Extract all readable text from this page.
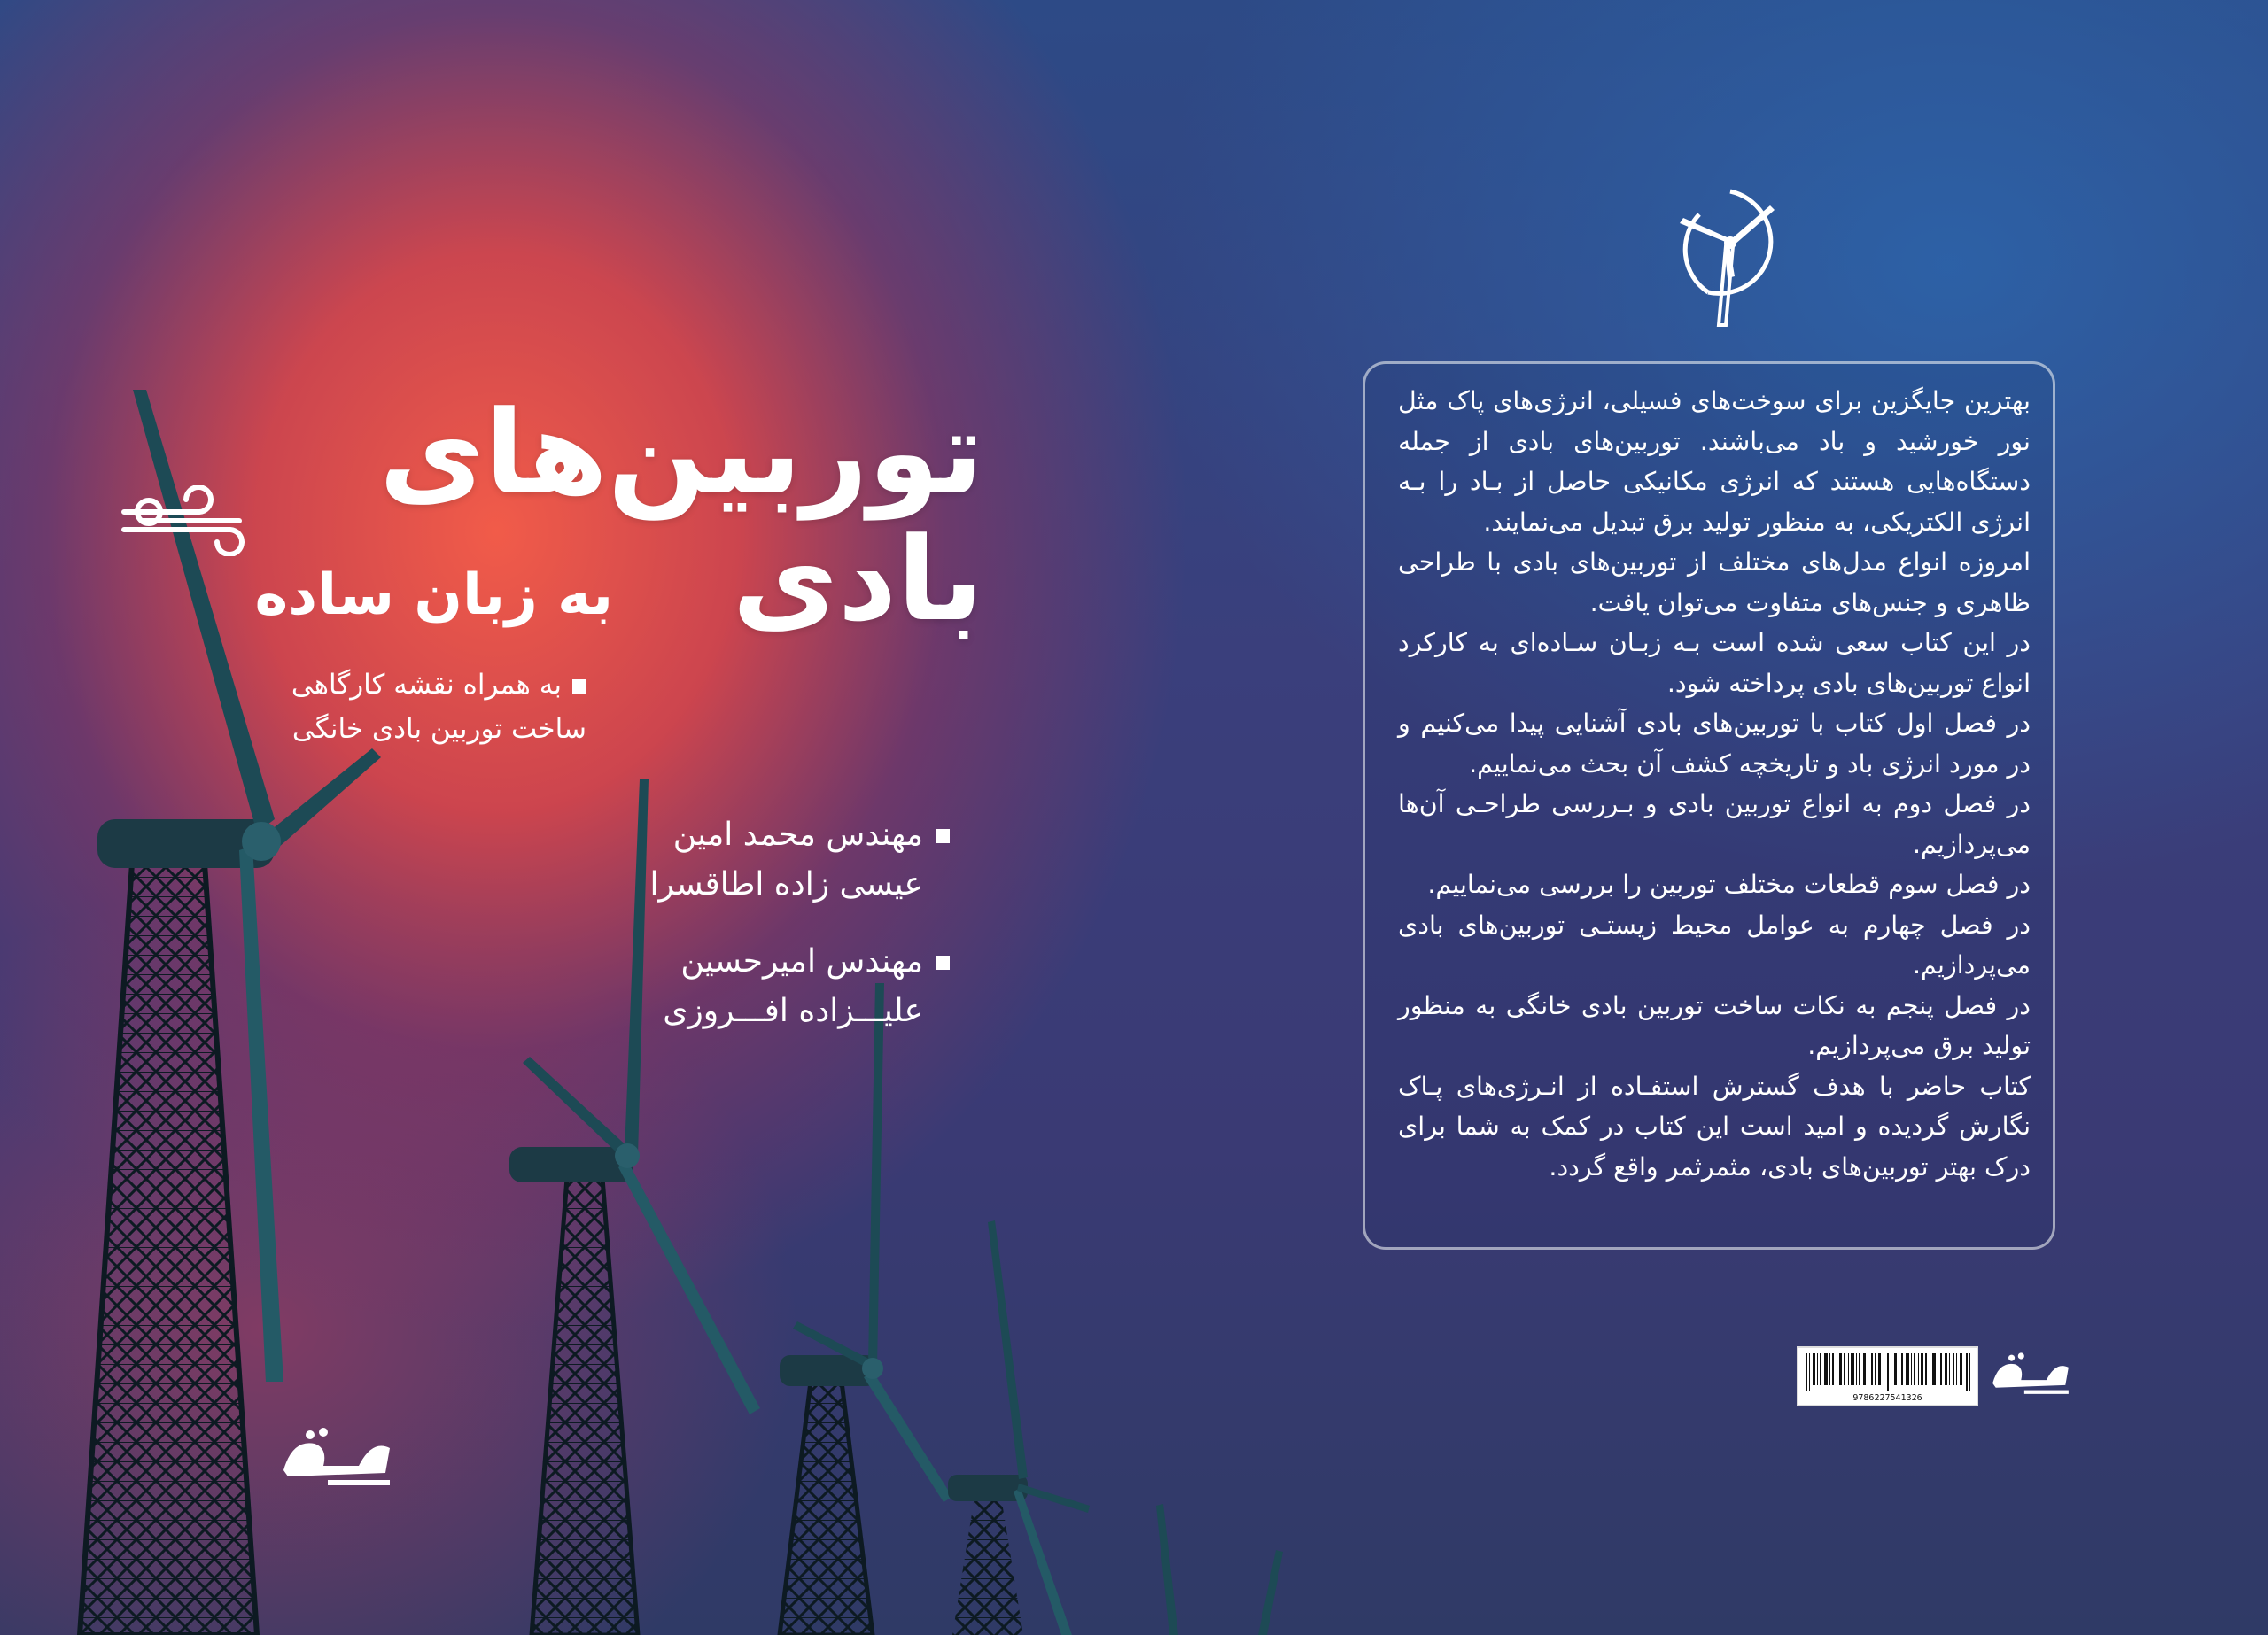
توربین‌های بادی
به زبان ساده
به همراه نقشه کارگاهی
ساخت توربین بادی خانگی
مهندس محمد امین
عیسی زاده اطاقسرا
مهندس امیرحسین
علیـــزاده افـــروزی

بهترین جایگزین برای سوخت‌های فسیلی، انرژی‌های پاک مثل نور خورشید و باد می‌باشند. توربین‌های بادی از جمله دستگاه‌هایی هستند که انرژی مکانیکی حاصل از بـاد را بـه انرژی الکتریکی، به منظور تولید برق تبدیل می‌نمایند.

امروزه انواع مدل‌های مختلف از توربین‌های بادی با طراحی ظاهری و جنس‌های متفاوت می‌توان یافت.

در این کتاب سعی شده است بـه زبـان سـاده‌ای به کارکرد انواع توربین‌های بادی پرداخته شود.

در فصل اول کتاب با توربین‌های بادی آشنایی پیدا می‌کنیم و در مورد انرژی باد و تاریخچه کشف آن بحث می‌نماییم.

در فصل دوم به انواع توربین بادی و بـررسی طراحـی آن‌ها می‌پردازیم.

در فصل سوم قطعات مختلف توربین را بررسی می‌نماییم.

در فصل چهارم به عوامل محیط زیستـی توربین‌های بادی می‌پردازیم.

در فصل پنجم به نکات ساخت توربین بادی خانگی به منظور تولید برق می‌پردازیم.

کتاب حاضر با هدف گسترش استفـاده از انـرژی‌های پـاک نگارش گردیده و امید است این کتاب در کمک به شما برای درک بهتر توربین‌های بادی، مثمرثمر واقع گردد.

9786227541326
